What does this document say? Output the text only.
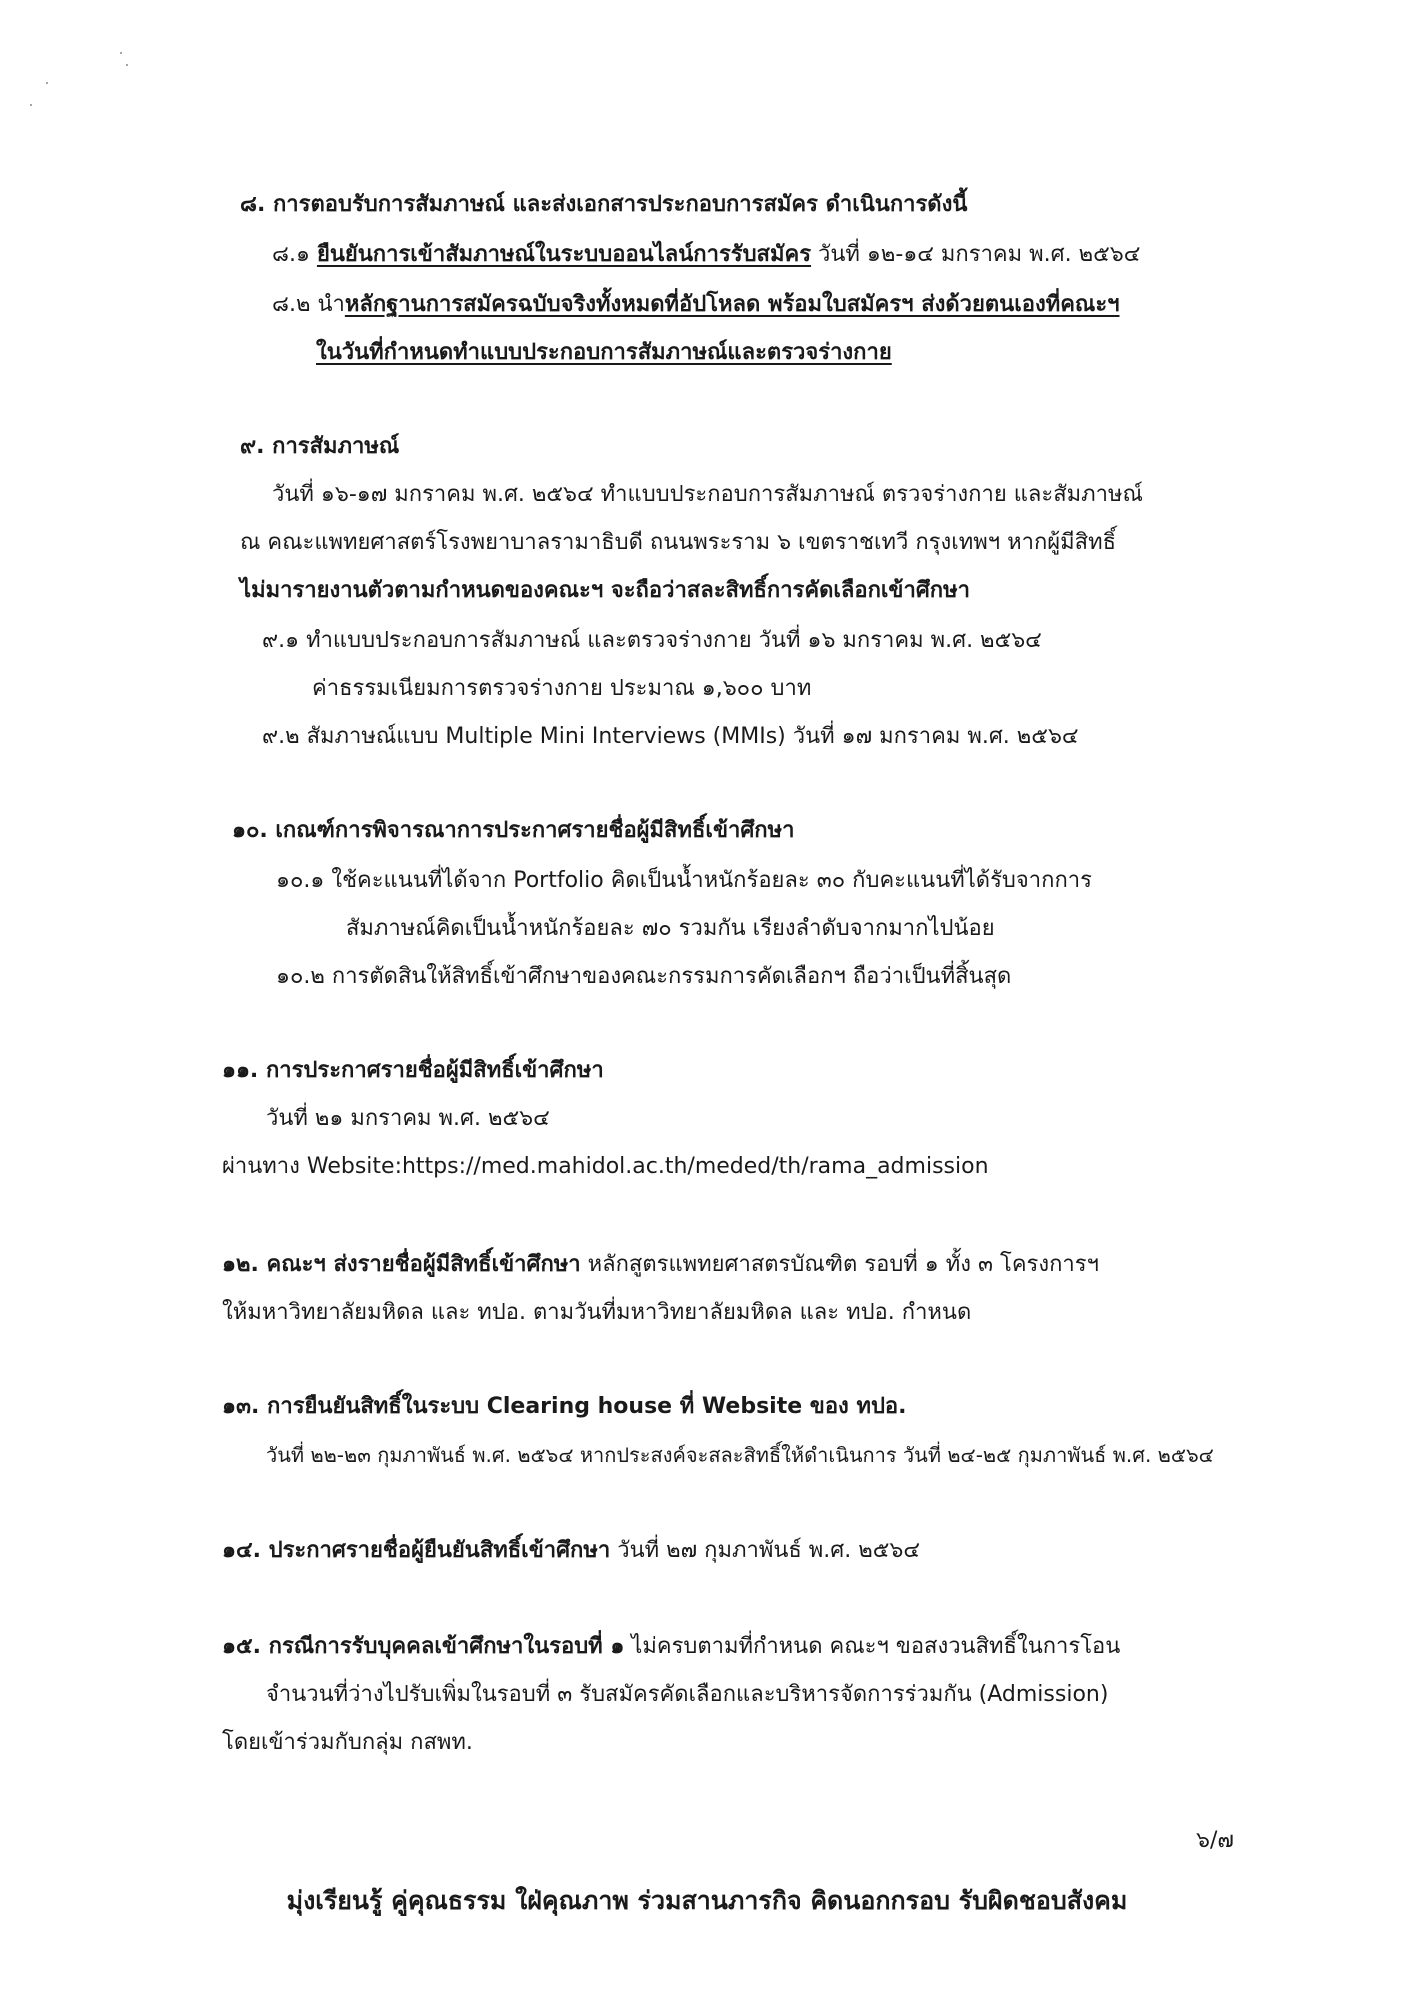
๘. การตอบรับการสัมภาษณ์ และส่งเอกสารประกอบการสมัคร ดำเนินการดังนี้
๘.๑ ยืนยันการเข้าสัมภาษณ์ในระบบออนไลน์การรับสมัคร วันที่ ๑๒-๑๔ มกราคม พ.ศ. ๒๕๖๔
๘.๒ นำหลักฐานการสมัครฉบับจริงทั้งหมดที่อัปโหลด พร้อมใบสมัครฯ ส่งด้วยตนเองที่คณะฯ
ในวันที่กำหนดทำแบบประกอบการสัมภาษณ์และตรวจร่างกาย
๙. การสัมภาษณ์
วันที่ ๑๖-๑๗ มกราคม พ.ศ. ๒๕๖๔ ทำแบบประกอบการสัมภาษณ์ ตรวจร่างกาย และสัมภาษณ์
ณ คณะแพทยศาสตร์โรงพยาบาลรามาธิบดี ถนนพระราม ๖ เขตราชเทวี กรุงเทพฯ หากผู้มีสิทธิ์
ไม่มารายงานตัวตามกำหนดของคณะฯ จะถือว่าสละสิทธิ์การคัดเลือกเข้าศึกษา
๙.๑ ทำแบบประกอบการสัมภาษณ์ และตรวจร่างกาย วันที่ ๑๖ มกราคม พ.ศ. ๒๕๖๔
ค่าธรรมเนียมการตรวจร่างกาย ประมาณ ๑,๖๐๐ บาท
๙.๒ สัมภาษณ์แบบ Multiple Mini Interviews (MMIs) วันที่ ๑๗ มกราคม พ.ศ. ๒๕๖๔
๑๐. เกณฑ์การพิจารณาการประกาศรายชื่อผู้มีสิทธิ์เข้าศึกษา
๑๐.๑ ใช้คะแนนที่ได้จาก Portfolio คิดเป็นน้ำหนักร้อยละ ๓๐ กับคะแนนที่ได้รับจากการ
สัมภาษณ์คิดเป็นน้ำหนักร้อยละ ๗๐ รวมกัน เรียงลำดับจากมากไปน้อย
๑๐.๒ การตัดสินให้สิทธิ์เข้าศึกษาของคณะกรรมการคัดเลือกฯ ถือว่าเป็นที่สิ้นสุด
๑๑. การประกาศรายชื่อผู้มีสิทธิ์เข้าศึกษา
วันที่ ๒๑ มกราคม พ.ศ. ๒๕๖๔
ผ่านทาง Website:https://med.mahidol.ac.th/meded/th/rama_admission
๑๒. คณะฯ ส่งรายชื่อผู้มีสิทธิ์เข้าศึกษา หลักสูตรแพทยศาสตรบัณฑิต รอบที่ ๑ ทั้ง ๓ โครงการฯ
ให้มหาวิทยาลัยมหิดล และ ทปอ. ตามวันที่มหาวิทยาลัยมหิดล และ ทปอ. กำหนด
๑๓. การยืนยันสิทธิ์ในระบบ Clearing house ที่ Website ของ ทปอ.
วันที่ ๒๒-๒๓ กุมภาพันธ์ พ.ศ. ๒๕๖๔ หากประสงค์จะสละสิทธิ์ให้ดำเนินการ วันที่ ๒๔-๒๕ กุมภาพันธ์ พ.ศ. ๒๕๖๔
๑๔. ประกาศรายชื่อผู้ยืนยันสิทธิ์เข้าศึกษา วันที่ ๒๗ กุมภาพันธ์ พ.ศ. ๒๕๖๔
๑๕. กรณีการรับบุคคลเข้าศึกษาในรอบที่ ๑ ไม่ครบตามที่กำหนด คณะฯ ขอสงวนสิทธิ์ในการโอน
จำนวนที่ว่างไปรับเพิ่มในรอบที่ ๓ รับสมัครคัดเลือกและบริหารจัดการร่วมกัน (Admission)
โดยเข้าร่วมกับกลุ่ม กสพท.
๖/๗
มุ่งเรียนรู้ คู่คุณธรรม ใฝ่คุณภาพ ร่วมสานภารกิจ คิดนอกกรอบ รับผิดชอบสังคม
